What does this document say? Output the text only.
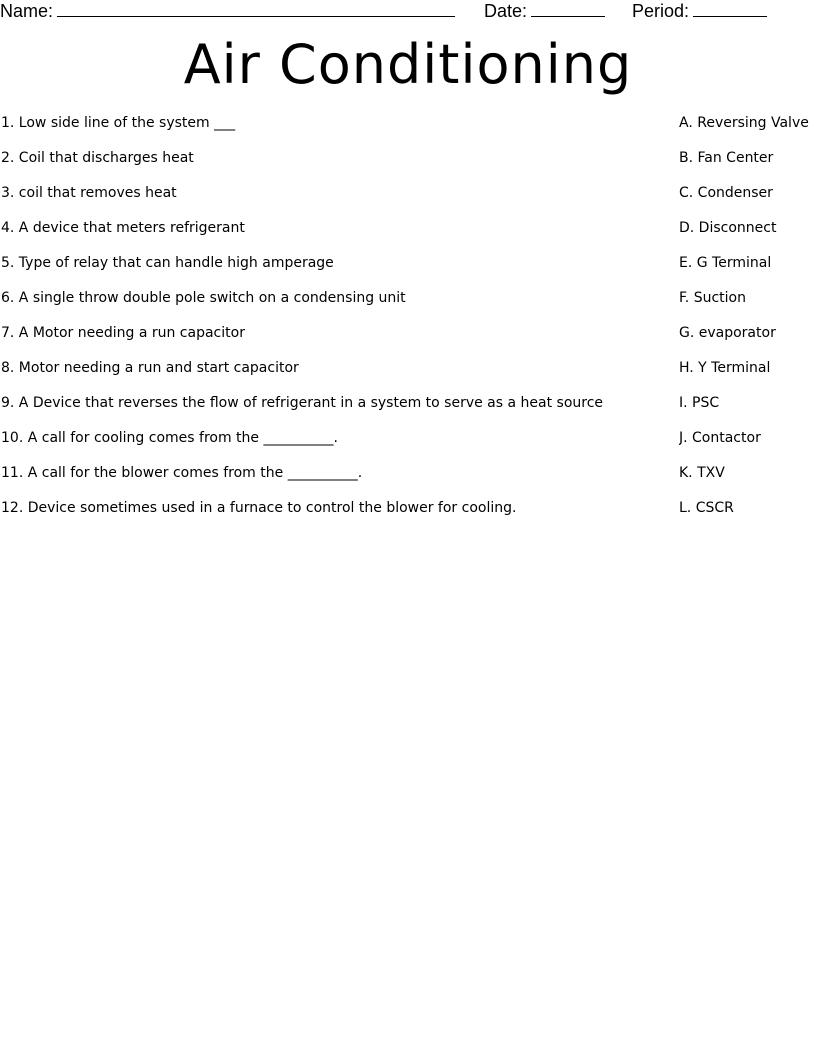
Name:	Date:	Period:
Air Conditioning
1. Low side line of the system ___
2. Coil that discharges heat
3. coil that removes heat
4. A device that meters refrigerant
5. Type of relay that can handle high amperage
6. A single throw double pole switch on a condensing unit
7. A Motor needing a run capacitor
8. Motor needing a run and start capacitor
9. A Device that reverses the flow of refrigerant in a system to serve as a heat source
10. A call for cooling comes from the __________.
11. A call for the blower comes from the __________.
12. Device sometimes used in a furnace to control the blower for cooling.
A. Reversing Valve
B. Fan Center
C. Condenser
D. Disconnect
E. G Terminal
F. Suction
G. evaporator
H. Y Terminal
I. PSC
J. Contactor
K. TXV
L. CSCR
